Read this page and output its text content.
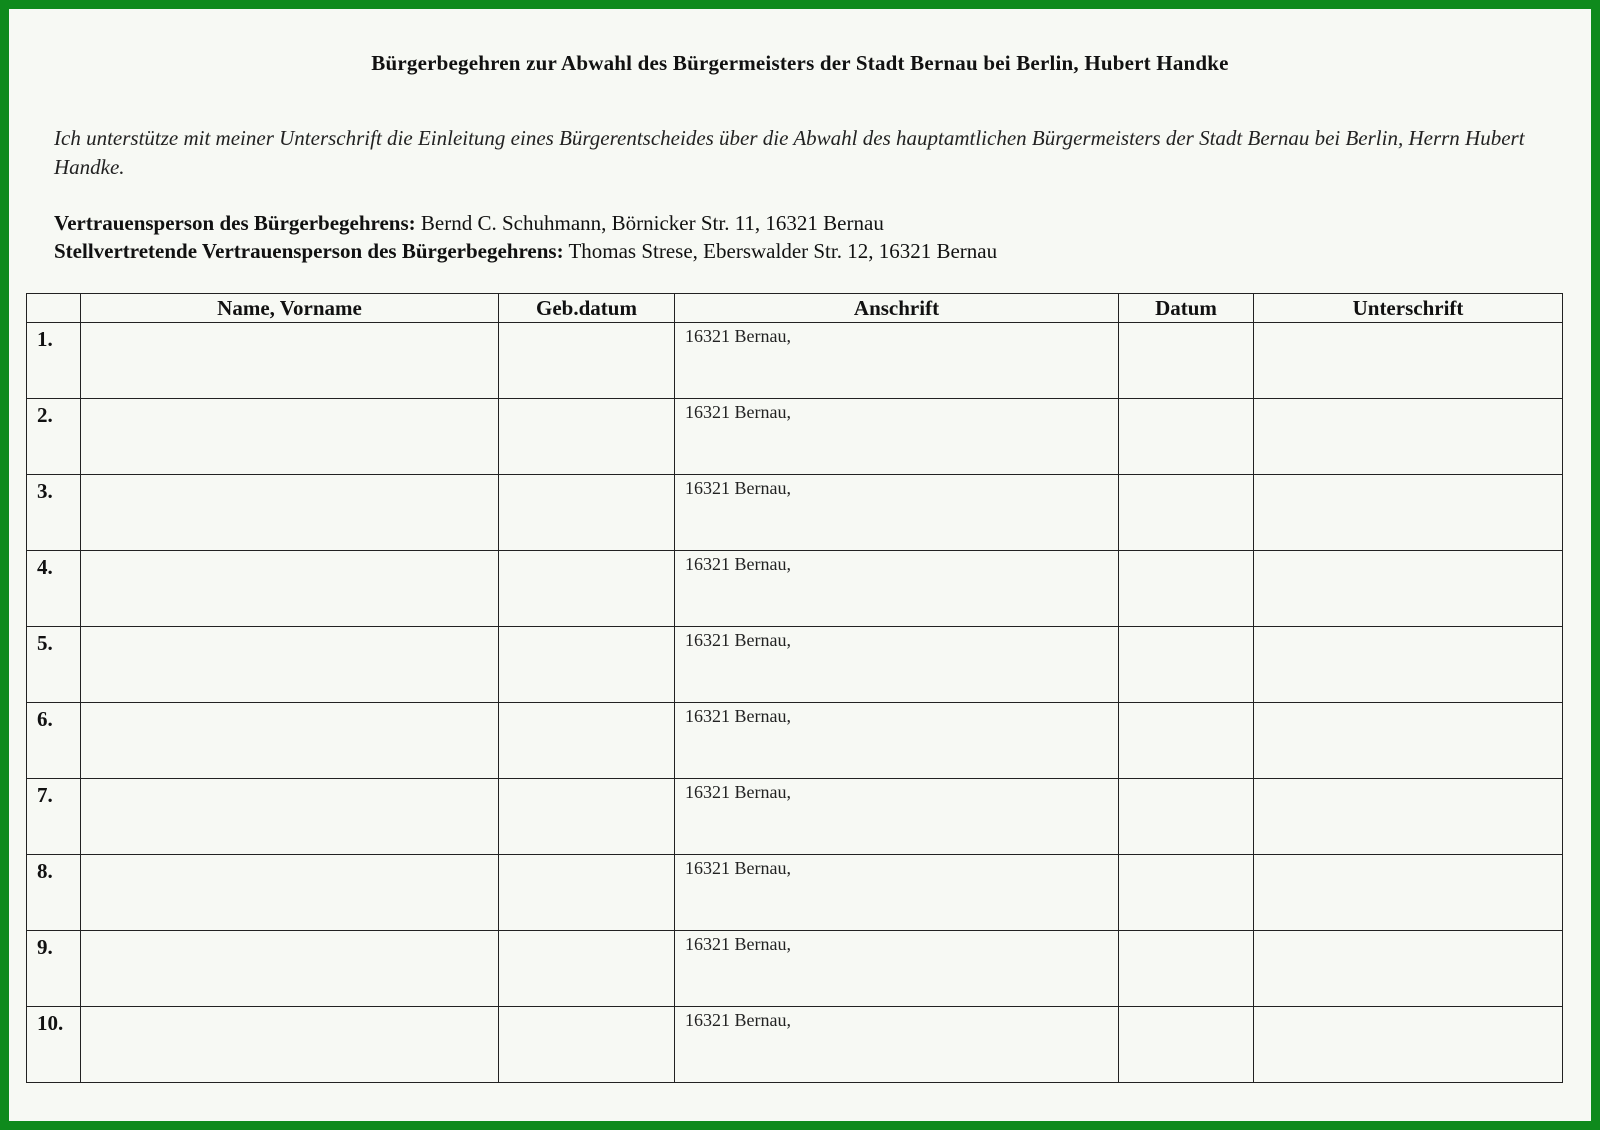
Bürgerbegehren zur Abwahl des Bürgermeisters der Stadt Bernau bei Berlin, Hubert Handke
Ich unterstütze mit meiner Unterschrift die Einleitung eines Bürgerentscheides über die Abwahl des hauptamtlichen Bürgermeisters der Stadt Bernau bei Berlin, Herrn Hubert Handke.
Vertrauensperson des Bürgerbegehrens: Bernd C. Schuhmann, Börnicker Str. 11, 16321 Bernau
Stellvertretende Vertrauensperson des Bürgerbegehrens: Thomas Strese, Eberswalder Str. 12, 16321 Bernau
	Name, Vorname	Geb.datum	Anschrift	Datum	Unterschrift
1.			16321 Bernau,		
2.			16321 Bernau,		
3.			16321 Bernau,		
4.			16321 Bernau,		
5.			16321 Bernau,		
6.			16321 Bernau,		
7.			16321 Bernau,		
8.			16321 Bernau,		
9.			16321 Bernau,		
10.			16321 Bernau,		
